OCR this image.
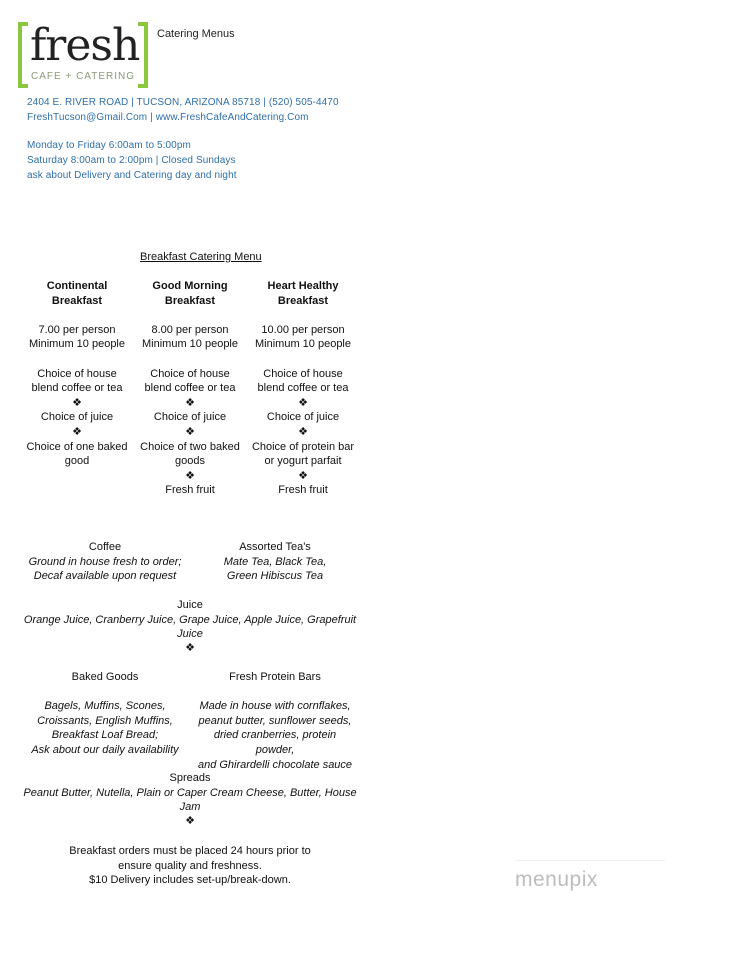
fresh
CAFE + CATERING
Catering Menus
2404 E. RIVER ROAD | TUCSON, ARIZONA 85718 | (520) 505-4470
FreshTucson@Gmail.Com | www.FreshCafeAndCatering.Com
Monday to Friday 6:00am to 5:00pm
Saturday 8:00am to 2:00pm | Closed Sundays
ask about Delivery and Catering day and night
Breakfast Catering Menu
Continental
Breakfast
7.00 per person
Minimum 10 people
Choice of house
blend coffee or tea
❖
Choice of juice
❖
Choice of one baked
good
Good Morning
Breakfast
8.00 per person
Minimum 10 people
Choice of house
blend coffee or tea
❖
Choice of juice
❖
Choice of two baked
goods
❖
Fresh fruit
Heart Healthy
Breakfast
10.00 per person
Minimum 10 people
Choice of house
blend coffee or tea
❖
Choice of juice
❖
Choice of protein bar
or yogurt parfait
❖
Fresh fruit
Coffee
Ground in house fresh to order;
Decaf available upon request
Assorted Tea's
Mate Tea, Black Tea,
Green Hibiscus Tea
Juice
Orange Juice, Cranberry Juice, Grape Juice, Apple Juice, Grapefruit Juice
❖
Baked Goods
Bagels, Muffins, Scones,
Croissants, English Muffins,
Breakfast Loaf Bread;
Ask about our daily availability
Fresh Protein Bars
Made in house with cornflakes,
peanut butter, sunflower seeds,
dried cranberries, protein powder,
and Ghirardelli chocolate sauce
Spreads
Peanut Butter, Nutella, Plain or Caper Cream Cheese, Butter, House Jam
❖
Breakfast orders must be placed 24 hours prior to
ensure quality and freshness.
$10 Delivery includes set-up/break-down.	menupix
